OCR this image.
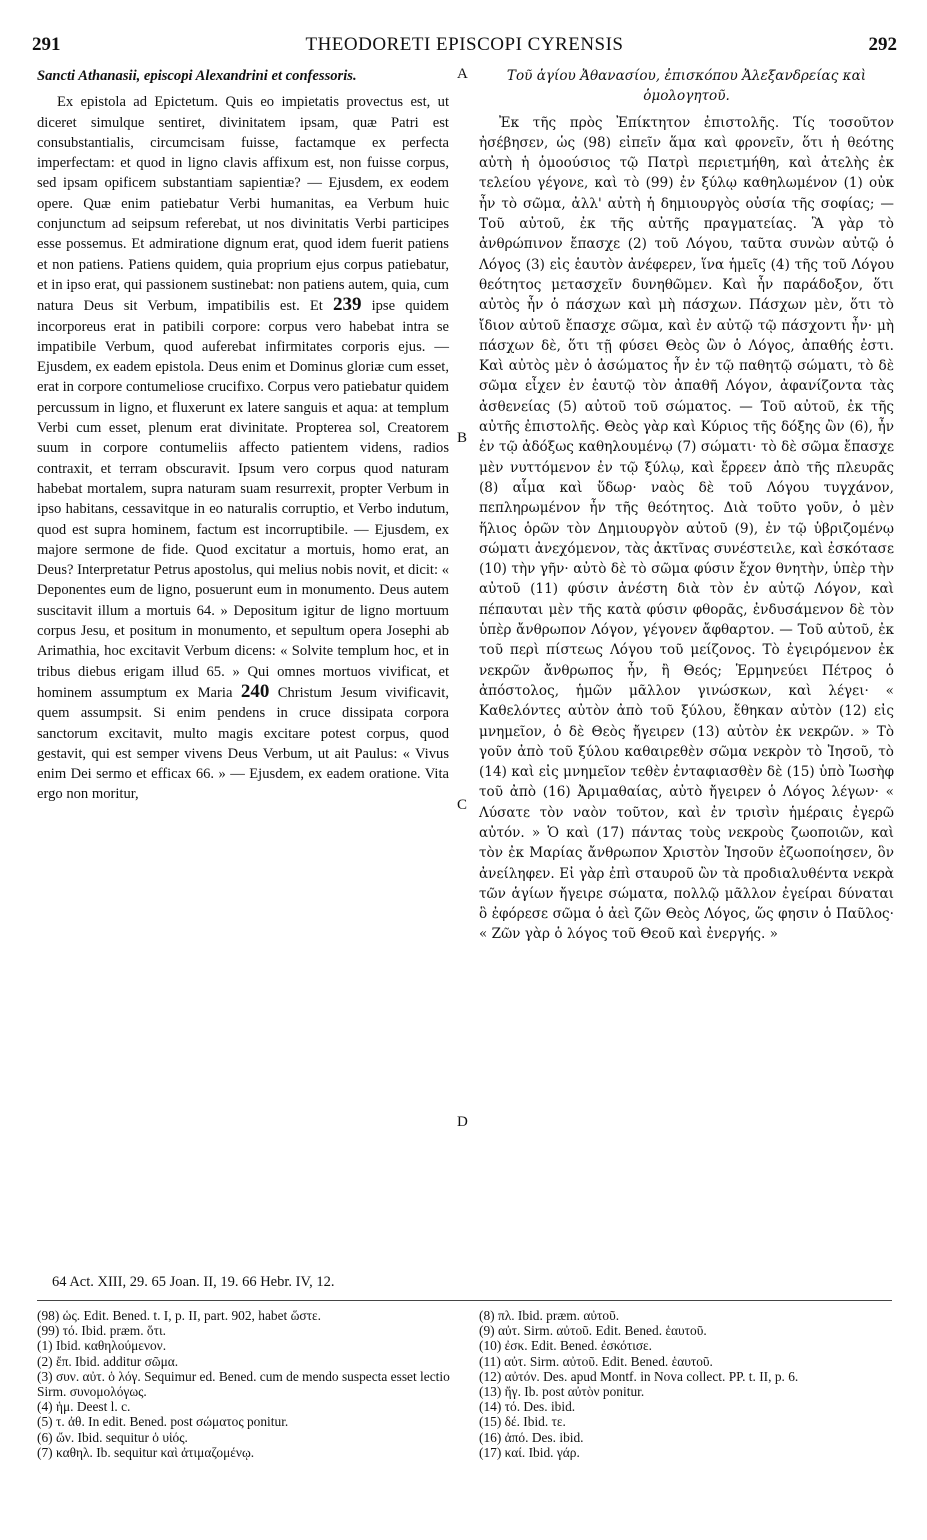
291	THEODORETI EPISCOPI CYRENSIS	292

Sancti Athanasii, episcopi Alexandrini et confessoris.

Ex epistola ad Epictetum. Quis eo impietatis provectus est, ut diceret simulque sentiret, divinitatem ipsam, quæ Patri est consubstantialis, circumcisam fuisse, factamque ex perfecta imperfectam: et quod in ligno clavis affixum est, non fuisse corpus, sed ipsam opificem substantiam sapientiæ? — Ejusdem, ex eodem opere. Quæ enim patiebatur Verbi humanitas, ea Verbum huic conjunctum ad seipsum referebat, ut nos divinitatis Verbi participes esse possemus. Et admiratione dignum erat, quod idem fuerit patiens et non patiens. Patiens quidem, quia proprium ejus corpus patiebatur, et in ipso erat, qui passionem sustinebat: non patiens autem, quia, cum natura Deus sit Verbum, impatibilis est. Et 239 ipse quidem incorporeus erat in patibili corpore: corpus vero habebat intra se impatibile Verbum, quod auferebat infirmitates corporis ejus. — Ejusdem, ex eadem epistola. Deus enim et Dominus gloriæ cum esset, erat in corpore contumeliose crucifixo. Corpus vero patiebatur quidem percussum in ligno, et fluxerunt ex latere sanguis et aqua: at templum Verbi cum esset, plenum erat divinitate. Propterea sol, Creatorem suum in corpore contumeliis affecto patientem videns, radios contraxit, et terram obscuravit. Ipsum vero corpus quod naturam habebat mortalem, supra naturam suam resurrexit, propter Verbum in ipso habitans, cessavitque in eo naturalis corruptio, et Verbo indutum, quod est supra hominem, factum est incorruptibile. — Ejusdem, ex majore sermone de fide. Quod excitatur a mortuis, homo erat, an Deus? Interpretatur Petrus apostolus, qui melius nobis novit, et dicit: « Deponentes eum de ligno, posuerunt eum in monumento. Deus autem suscitavit illum a mortuis 64. » Depositum igitur de ligno mortuum corpus Jesu, et positum in monumento, et sepultum opera Josephi ab Arimathia, hoc excitavit Verbum dicens: « Solvite templum hoc, et in tribus diebus erigam illud 65. » Qui omnes mortuos vivificat, et hominem assumptum ex Maria 240 Christum Jesum vivificavit, quem assumpsit. Si enim pendens in cruce dissipata corpora sanctorum excitavit, multo magis excitare potest corpus, quod gestavit, qui est semper vivens Deus Verbum, ut ait Paulus: « Vivus enim Dei sermo et efficax 66. » — Ejusdem, ex eadem oratione. Vita ergo non moritur,

A
B
C
D

Τοῦ ἁγίου Ἀθανασίου, ἐπισκόπου Ἀλεξανδρείας καὶ ὁμολογητοῦ.

Ἐκ τῆς πρὸς Ἐπίκτητον ἐπιστολῆς. Τίς τοσοῦτον ἠσέβησεν, ὡς (98) εἰπεῖν ἅμα καὶ φρονεῖν, ὅτι ἡ θεότης αὐτὴ ἡ ὁμοούσιος τῷ Πατρὶ περιετμήθη, καὶ ἀτελὴς ἐκ τελείου γέγονε, καὶ τὸ (99) ἐν ξύλῳ καθηλωμένον (1) οὐκ ἦν τὸ σῶμα, ἀλλ' αὐτὴ ἡ δημιουργὸς οὐσία τῆς σοφίας; — Τοῦ αὐτοῦ, ἐκ τῆς αὐτῆς πραγματείας. Ἃ γὰρ τὸ ἀνθρώπινον ἔπασχε (2) τοῦ Λόγου, ταῦτα συνὼν αὐτῷ ὁ Λόγος (3) εἰς ἑαυτὸν ἀνέφερεν, ἵνα ἡμεῖς (4) τῆς τοῦ Λόγου θεότητος μετασχεῖν δυνηθῶμεν. Καὶ ἦν παράδοξον, ὅτι αὐτὸς ἦν ὁ πάσχων καὶ μὴ πάσχων. Πάσχων μὲν, ὅτι τὸ ἴδιον αὐτοῦ ἔπασχε σῶμα, καὶ ἐν αὐτῷ τῷ πάσχοντι ἦν· μὴ πάσχων δὲ, ὅτι τῇ φύσει Θεὸς ὢν ὁ Λόγος, ἀπαθής ἐστι. Καὶ αὐτὸς μὲν ὁ ἀσώματος ἦν ἐν τῷ παθητῷ σώματι, τὸ δὲ σῶμα εἶχεν ἐν ἑαυτῷ τὸν ἀπαθῆ Λόγον, ἀφανίζοντα τὰς ἀσθενείας (5) αὐτοῦ τοῦ σώματος. — Τοῦ αὐτοῦ, ἐκ τῆς αὐτῆς ἐπιστολῆς. Θεὸς γὰρ καὶ Κύριος τῆς δόξης ὢν (6), ἦν ἐν τῷ ἀδόξως καθηλουμένῳ (7) σώματι· τὸ δὲ σῶμα ἔπασχε μὲν νυττόμενον ἐν τῷ ξύλῳ, καὶ ἔρρεεν ἀπὸ τῆς πλευρᾶς (8) αἷμα καὶ ὕδωρ· ναὸς δὲ τοῦ Λόγου τυγχάνον, πεπληρωμένον ἦν τῆς θεότητος. Διὰ τοῦτο γοῦν, ὁ μὲν ἥλιος ὁρῶν τὸν Δημιουργὸν αὐτοῦ (9), ἐν τῷ ὑβριζομένῳ σώματι ἀνεχόμενον, τὰς ἀκτῖνας συνέστειλε, καὶ ἐσκότασε (10) τὴν γῆν· αὐτὸ δὲ τὸ σῶμα φύσιν ἔχον θνητὴν, ὑπὲρ τὴν αὐτοῦ (11) φύσιν ἀνέστη διὰ τὸν ἐν αὐτῷ Λόγον, καὶ πέπαυται μὲν τῆς κατὰ φύσιν φθορᾶς, ἐνδυσάμενον δὲ τὸν ὑπὲρ ἄνθρωπον Λόγον, γέγονεν ἄφθαρτον. — Τοῦ αὐτοῦ, ἐκ τοῦ περὶ πίστεως Λόγου τοῦ μείζονος. Τὸ ἐγειρόμενον ἐκ νεκρῶν ἄνθρωπος ἦν, ἢ Θεός; Ἑρμηνεύει Πέτρος ὁ ἀπόστολος, ἡμῶν μᾶλλον γινώσκων, καὶ λέγει· « Καθελόντες αὐτὸν ἀπὸ τοῦ ξύλου, ἔθηκαν αὐτὸν (12) εἰς μνημεῖον, ὁ δὲ Θεὸς ἤγειρεν (13) αὐτὸν ἐκ νεκρῶν. » Τὸ γοῦν ἀπὸ τοῦ ξύλου καθαιρεθὲν σῶμα νεκρὸν τὸ Ἰησοῦ, τὸ (14) καὶ εἰς μνημεῖον τεθὲν ἐνταφιασθὲν δὲ (15) ὑπὸ Ἰωσὴφ τοῦ ἀπὸ (16) Ἀριμαθαίας, αὐτὸ ἤγειρεν ὁ Λόγος λέγων· « Λύσατε τὸν ναὸν τοῦτον, καὶ ἐν τρισὶν ἡμέραις ἐγερῶ αὐτόν. » Ὁ καὶ (17) πάντας τοὺς νεκροὺς ζωοποιῶν, καὶ τὸν ἐκ Μαρίας ἄνθρωπον Χριστὸν Ἰησοῦν ἐζωοποίησεν, ὃν ἀνείληφεν. Εἰ γὰρ ἐπὶ σταυροῦ ὢν τὰ προδιαλυθέντα νεκρὰ τῶν ἁγίων ἤγειρε σώματα, πολλῷ μᾶλλον ἐγείραι δύναται ὃ ἐφόρεσε σῶμα ὁ ἀεὶ ζῶν Θεὸς Λόγος, ὥς φησιν ὁ Παῦλος· « Ζῶν γὰρ ὁ λόγος τοῦ Θεοῦ καὶ ἐνεργής. »

64 Act. XIII, 29. 65 Joan. II, 19. 66 Hebr. IV, 12.
(98) ὡς. Edit. Bened. t. I, p. II, part. 902, habet ὥστε.
(99) τό. Ibid. præm. ὅτι.
(1) Ibid. καθηλούμενον.
(2) ἔπ. Ibid. additur σῶμα.
(3) συν. αὐτ. ὁ λόγ. Sequimur ed. Bened. cum de mendo suspecta esset lectio Sirm. συνομολόγως.
(4) ἡμ. Deest l. c.
(5) τ. ἀθ. In edit. Bened. post σώματος ponitur.
(6) ὤν. Ibid. sequitur ὁ υἱός.
(7) καθηλ. Ib. sequitur καὶ ἀτιμαζομένῳ.
(8) πλ. Ibid. præm. αὐτοῦ.
(9) αὐτ. Sirm. αὐτοῦ. Edit. Bened. ἑαυτοῦ.
(10) ἐσκ. Edit. Bened. ἐσκότισε.
(11) αὐτ. Sirm. αὐτοῦ. Edit. Bened. ἑαυτοῦ.
(12) αὐτόν. Des. apud Montf. in Nova collect. PP. t. II, p. 6.
(13) ἤγ. Ib. post αὐτὸν ponitur.
(14) τό. Des. ibid.
(15) δέ. Ibid. τε.
(16) ἀπό. Des. ibid.
(17) καί. Ibid. γάρ.
